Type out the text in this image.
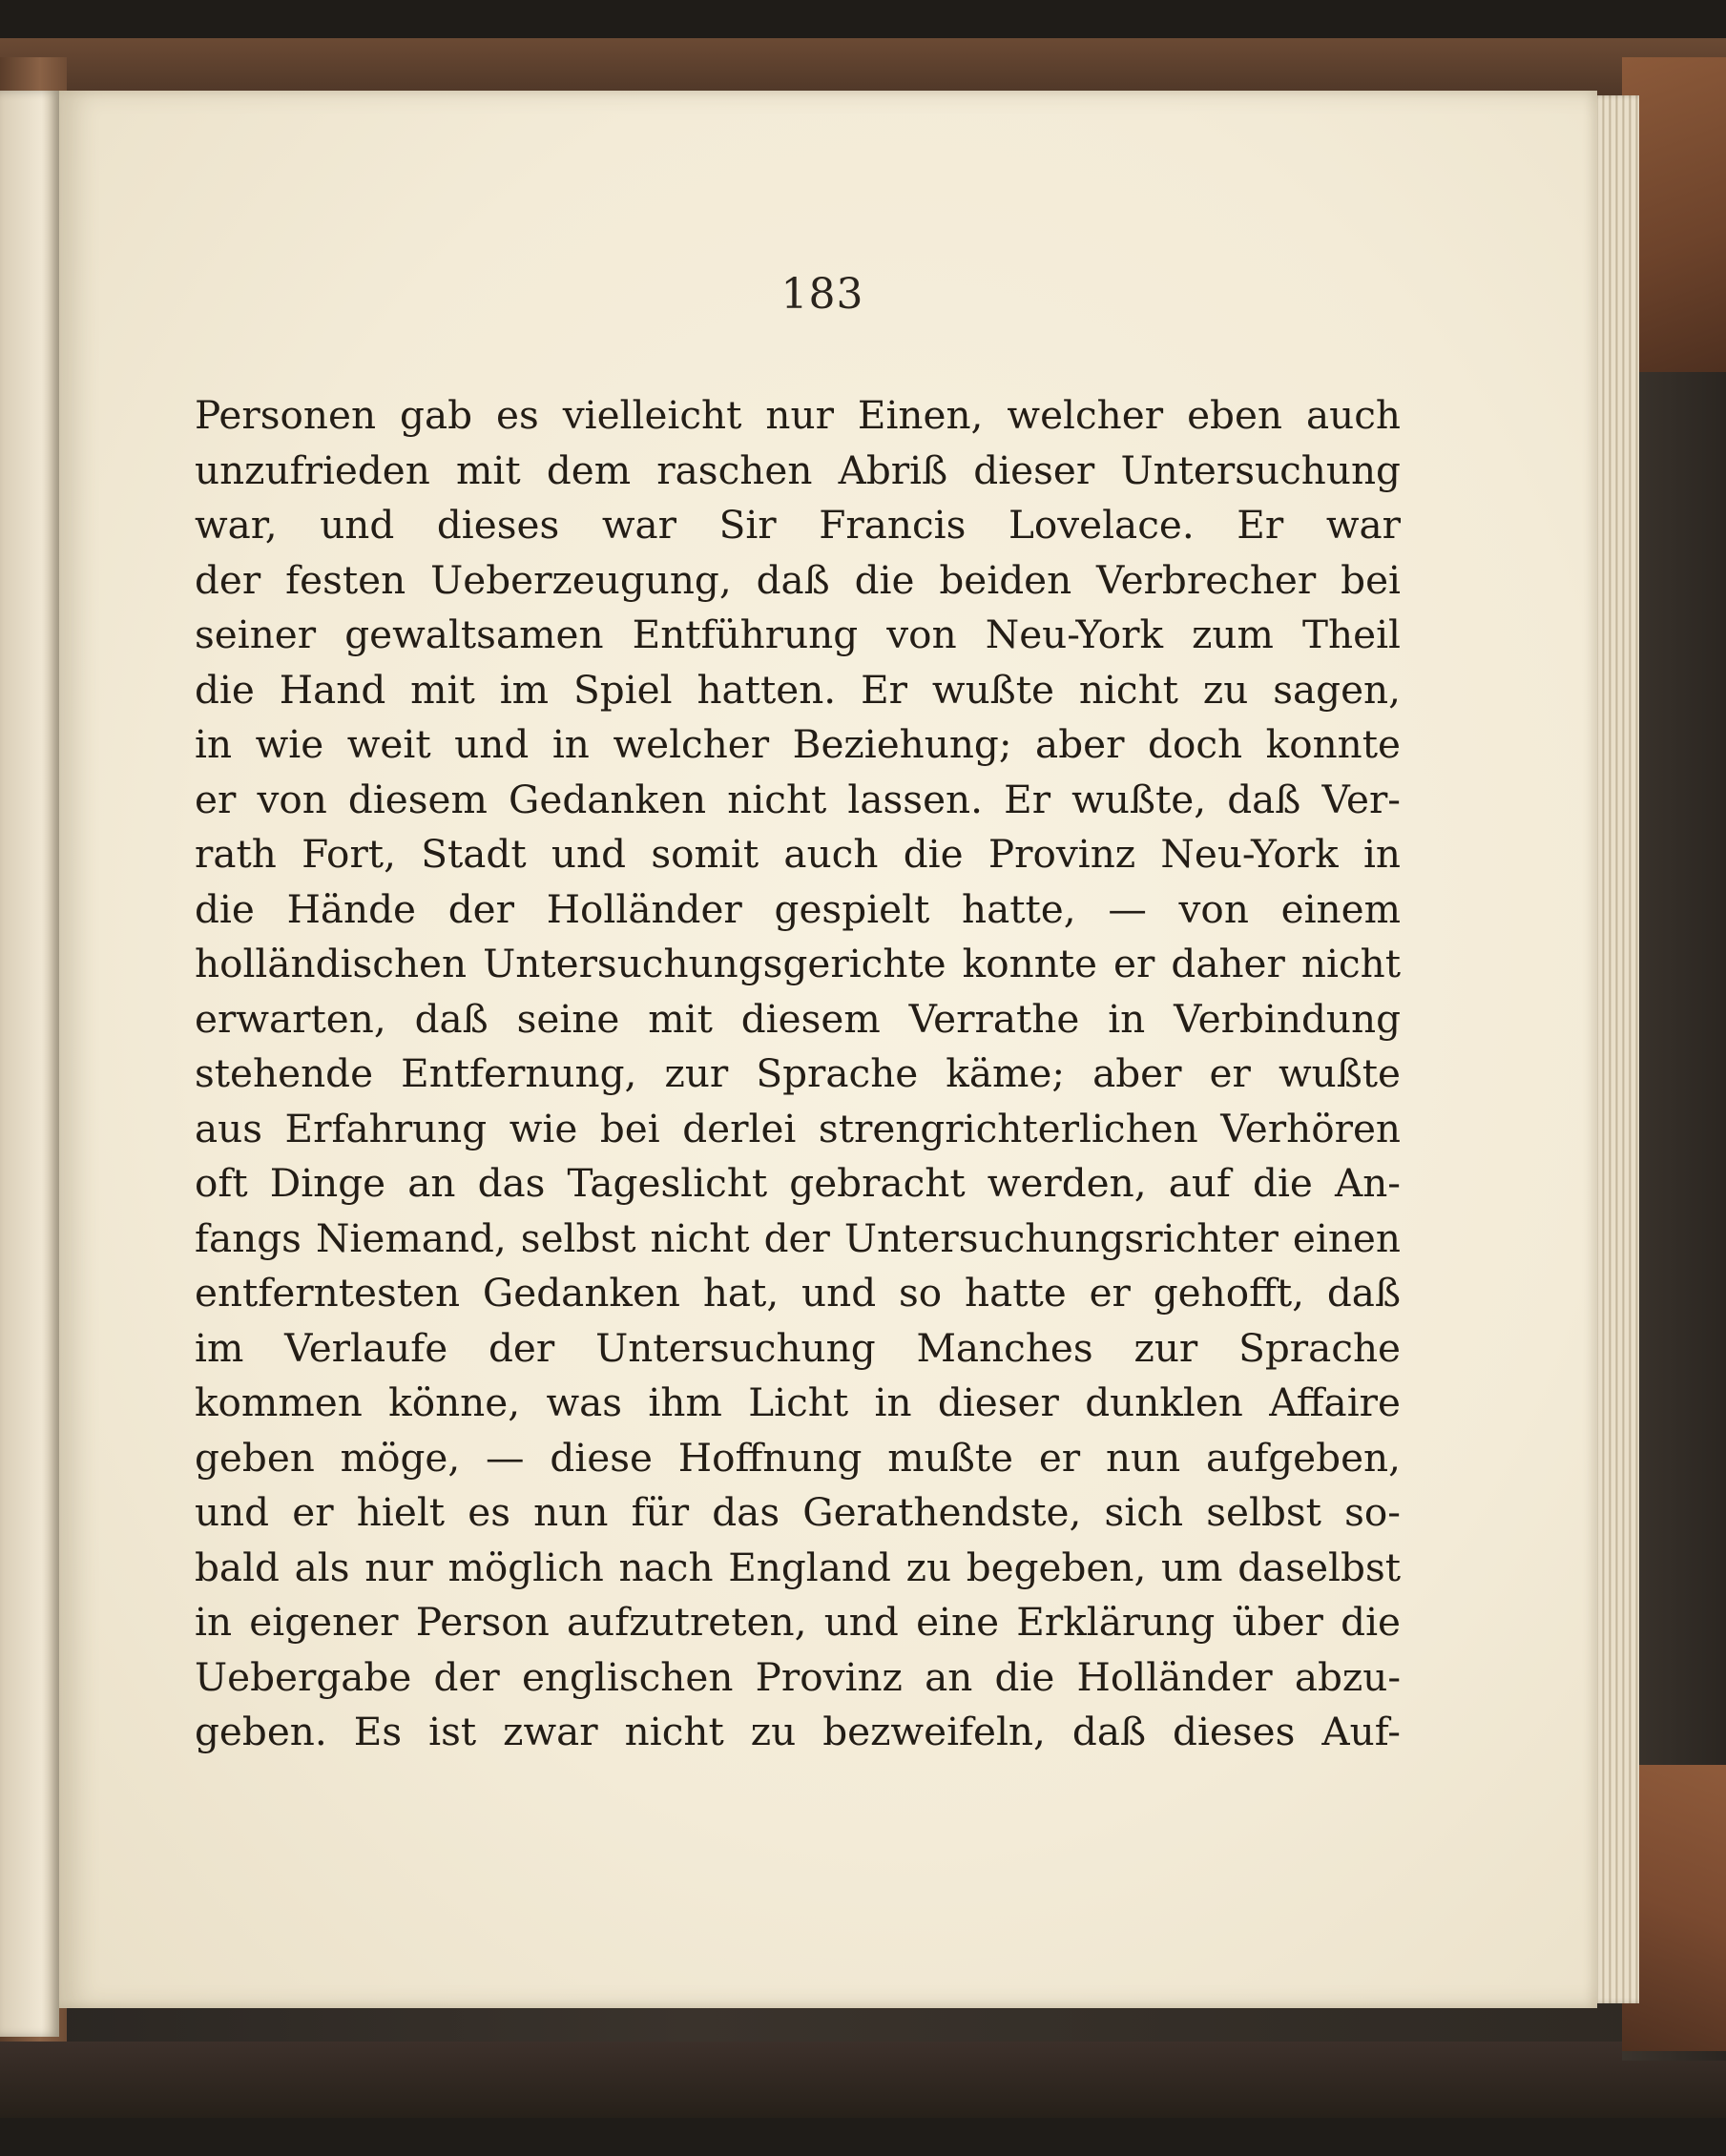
183
Personen gab es vielleicht nur Einen, welcher eben auch
unzufrieden mit dem raschen Abriß dieser Untersuchung
war, und dieses war Sir Francis Lovelace. Er war
der festen Ueberzeugung, daß die beiden Verbrecher bei
seiner gewaltsamen Entführung von Neu-York zum Theil
die Hand mit im Spiel hatten. Er wußte nicht zu sagen,
in wie weit und in welcher Beziehung; aber doch konnte
er von diesem Gedanken nicht lassen. Er wußte, daß Ver-
rath Fort, Stadt und somit auch die Provinz Neu-York in
die Hände der Holländer gespielt hatte, — von einem
holländischen Untersuchungsgerichte konnte er daher nicht
erwarten, daß seine mit diesem Verrathe in Verbindung
stehende Entfernung, zur Sprache käme; aber er wußte
aus Erfahrung wie bei derlei strengrichterlichen Verhören
oft Dinge an das Tageslicht gebracht werden, auf die An-
fangs Niemand, selbst nicht der Untersuchungsrichter einen
entferntesten Gedanken hat, und so hatte er gehofft, daß
im Verlaufe der Untersuchung Manches zur Sprache
kommen könne, was ihm Licht in dieser dunklen Affaire
geben möge, — diese Hoffnung mußte er nun aufgeben,
und er hielt es nun für das Gerathendste, sich selbst so-
bald als nur möglich nach England zu begeben, um daselbst
in eigener Person aufzutreten, und eine Erklärung über die
Uebergabe der englischen Provinz an die Holländer abzu-
geben. Es ist zwar nicht zu bezweifeln, daß dieses Auf-
